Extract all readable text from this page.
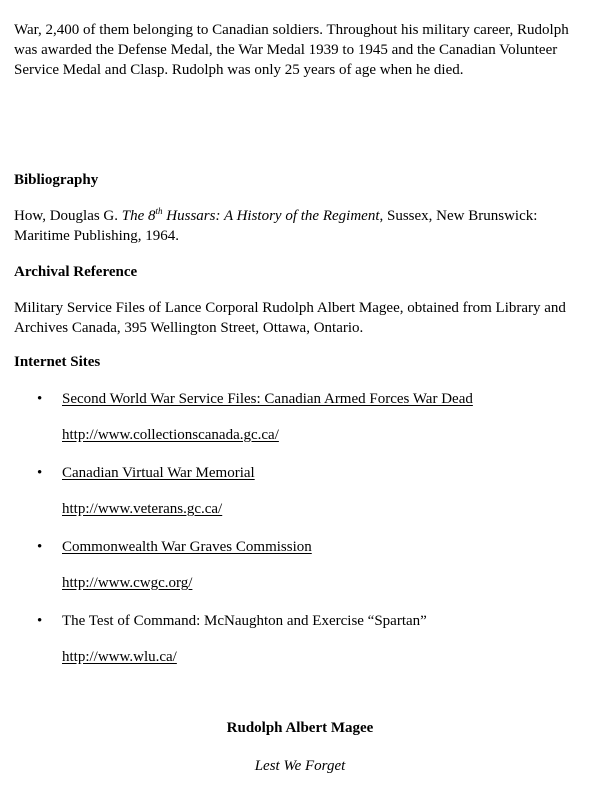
War, 2,400 of them belonging to Canadian soldiers. Throughout his military career, Rudolph was awarded the Defense Medal, the War Medal 1939 to 1945 and the Canadian Volunteer Service Medal and Clasp. Rudolph was only 25 years of age when he died.

Bibliography

How, Douglas G. The 8th Hussars: A History of the Regiment, Sussex, New Brunswick: Maritime Publishing, 1964.

Archival Reference

Military Service Files of Lance Corporal Rudolph Albert Magee, obtained from Library and Archives Canada, 395 Wellington Street, Ottawa, Ontario.

Internet Sites

• Second World War Service Files: Canadian Armed Forces War Dead
http://www.collectionscanada.gc.ca/
• Canadian Virtual War Memorial
http://www.veterans.gc.ca/
• Commonwealth War Graves Commission
http://www.cwgc.org/
• The Test of Command: McNaughton and Exercise “Spartan”
http://www.wlu.ca/
Rudolph Albert Magee
Lest We Forget
